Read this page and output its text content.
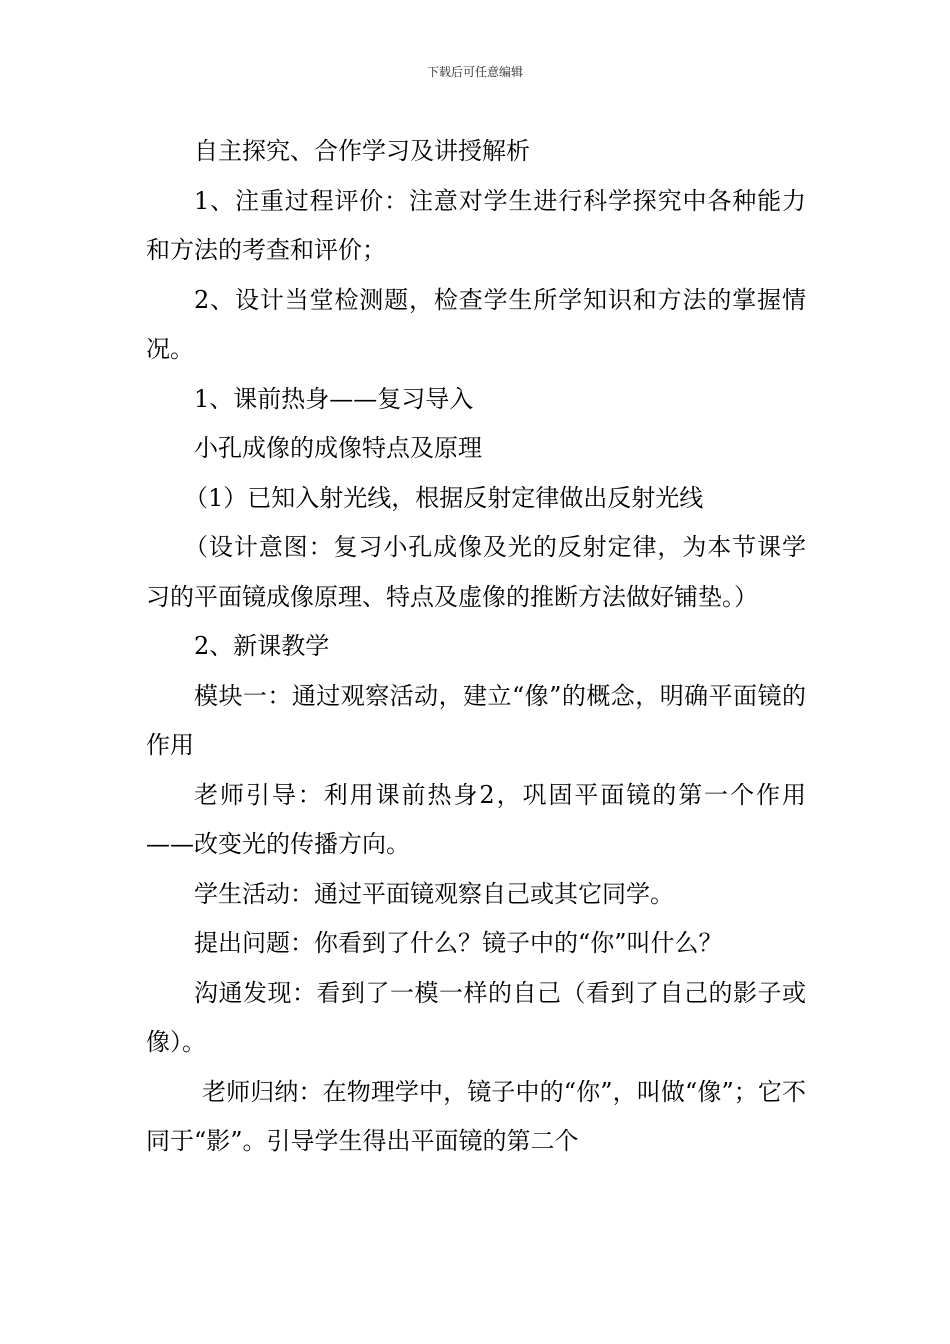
下载后可任意编辑

自主探究、合作学习及讲授解析

1、注重过程评价：注意对学生进行科学探究中各种能力和方法的考查和评价；

2、设计当堂检测题，检查学生所学知识和方法的掌握情况。

1、课前热身——复习导入

小孔成像的成像特点及原理

（1）已知入射光线，根据反射定律做出反射光线

（设计意图：复习小孔成像及光的反射定律，为本节课学习的平面镜成像原理、特点及虚像的推断方法做好铺垫。）

2、新课教学

模块一：通过观察活动，建立“像”的概念，明确平面镜的作用

老师引导：利用课前热身2，巩固平面镜的第一个作用——改变光的传播方向。

学生活动：通过平面镜观察自己或其它同学。

提出问题：你看到了什么？镜子中的“你”叫什么？

沟通发现：看到了一模一样的自己（看到了自己的影子或像）。

老师归纳：在物理学中，镜子中的“你”，叫做“像”；它不同于“影”。引导学生得出平面镜的第二个
